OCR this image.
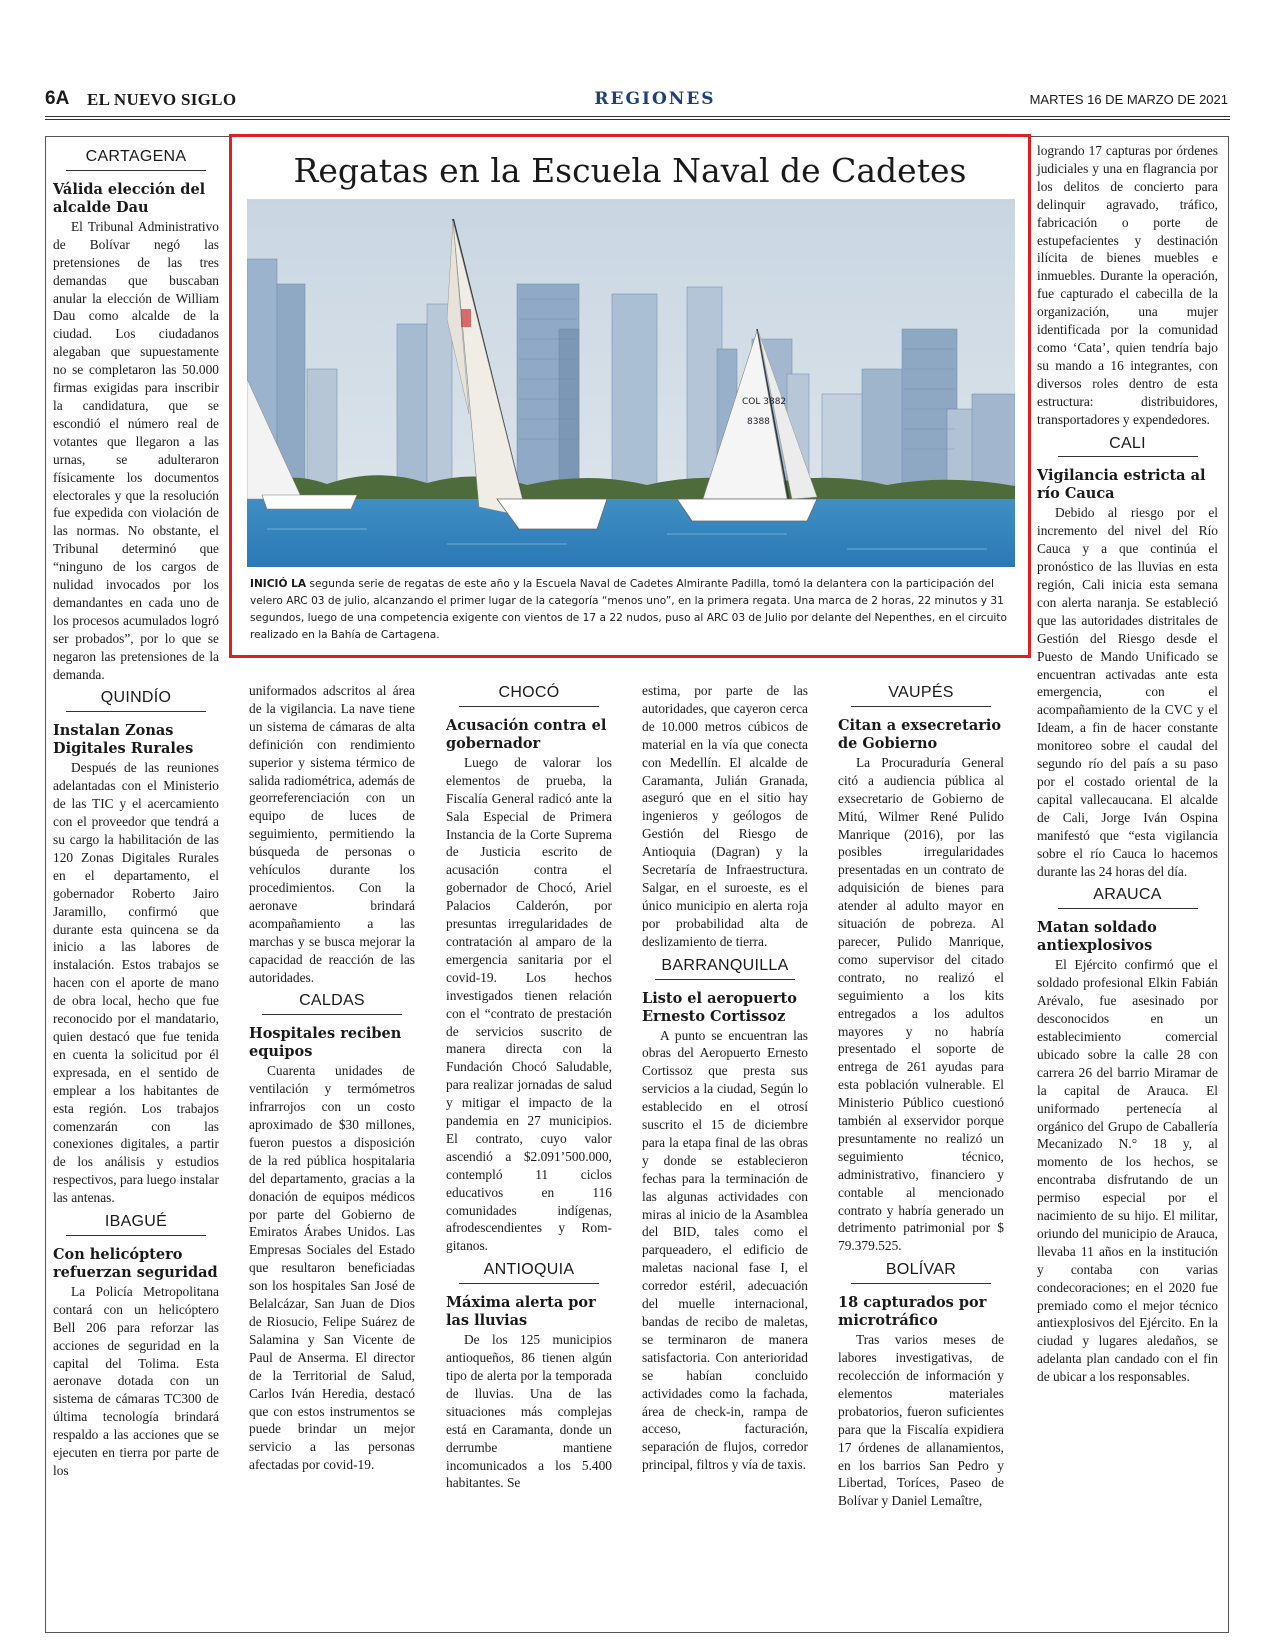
6A EL NUEVO SIGLO	REGIONES	MARTES 16 DE MARZO DE 2021
Regatas en la Escuela Naval de Cadetes
COL 3882
8388
INICIÓ LA segunda serie de regatas de este año y la Escuela Naval de Cadetes Almirante Padilla, tomó la delantera con la participación del velero ARC 03 de julio, alcanzando el primer lugar de la categoría “menos uno”, en la primera regata. Una marca de 2 horas, 22 minutos y 31 segundos, luego de una competencia exigente con vientos de 17 a 22 nudos, puso al ARC 03 de Julio por delante del Nepenthes, en el circuito realizado en la Bahía de Cartagena.
CARTAGENA
Válida elección del alcalde Dau

El Tribunal Administrativo de Bolívar negó las pretensiones de las tres demandas que buscaban anular la elección de William Dau como alcalde de la ciudad. Los ciudadanos alegaban que supuestamente no se completaron las 50.000 firmas exigidas para inscribir la candidatura, que se escondió el número real de votantes que llegaron a las urnas, se adulteraron físicamente los documentos electorales y que la resolución fue expedida con violación de las normas. No obstante, el Tribunal determinó que “ninguno de los cargos de nulidad invocados por los demandantes en cada uno de los procesos acumulados logró ser probados”, por lo que se negaron las pretensiones de la demanda.

QUINDÍO
Instalan Zonas Digitales Rurales

Después de las reuniones adelantadas con el Ministerio de las TIC y el acercamiento con el proveedor que tendrá a su cargo la habilitación de las 120 Zonas Digitales Rurales en el departamento, el gobernador Roberto Jairo Jaramillo, confirmó que durante esta quincena se da inicio a las labores de instalación. Estos trabajos se hacen con el aporte de mano de obra local, hecho que fue reconocido por el mandatario, quien destacó que fue tenida en cuenta la solicitud por él expresada, en el sentido de emplear a los habitantes de esta región. Los trabajos comenzarán con las conexiones digitales, a partir de los análisis y estudios respectivos, para luego instalar las antenas.

IBAGUÉ
Con helicóptero refuerzan seguridad

La Policía Metropolitana contará con un helicóptero Bell 206 para reforzar las acciones de seguridad en la capital del Tolima. Esta aeronave dotada con un sistema de cámaras TC300 de última tecnología brindará respaldo a las acciones que se ejecuten en tierra por parte de los

uniformados adscritos al área de la vigilancia. La nave tiene un sistema de cámaras de alta definición con rendimiento superior y sistema térmico de salida radiométrica, además de georreferenciación con un equipo de luces de seguimiento, permitiendo la búsqueda de personas o vehículos durante los procedimientos. Con la aeronave brindará acompañamiento a las marchas y se busca mejorar la capacidad de reacción de las autoridades.

CALDAS
Hospitales reciben equipos

Cuarenta unidades de ventilación y termómetros infrarrojos con un costo aproximado de $30 millones, fueron puestos a disposición de la red pública hospitalaria del departamento, gracias a la donación de equipos médicos por parte del Gobierno de Emiratos Árabes Unidos. Las Empresas Sociales del Estado que resultaron beneficiadas son los hospitales San José de Belalcázar, San Juan de Dios de Riosucio, Felipe Suárez de Salamina y San Vicente de Paul de Anserma. El director de la Territorial de Salud, Carlos Iván Heredia, destacó que con estos instrumentos se puede brindar un mejor servicio a las personas afectadas por covid-19.

CHOCÓ
Acusación contra el gobernador

Luego de valorar los elementos de prueba, la Fiscalía General radicó ante la Sala Especial de Primera Instancia de la Corte Suprema de Justicia escrito de acusación contra el gobernador de Chocó, Ariel Palacios Calderón, por presuntas irregularidades de contratación al amparo de la emergencia sanitaria por el covid-19. Los hechos investigados tienen relación con el “contrato de prestación de servicios suscrito de manera directa con la Fundación Chocó Saludable, para realizar jornadas de salud y mitigar el impacto de la pandemia en 27 municipios. El contrato, cuyo valor ascendió a $2.091’500.000, contempló 11 ciclos educativos en 116 comunidades indígenas, afrodescendientes y Rom-gitanos.

ANTIOQUIA
Máxima alerta por las lluvias

De los 125 municipios antioqueños, 86 tienen algún tipo de alerta por la temporada de lluvias. Una de las situaciones más complejas está en Caramanta, donde un derrumbe mantiene incomunicados a los 5.400 habitantes. Se

estima, por parte de las autoridades, que cayeron cerca de 10.000 metros cúbicos de material en la vía que conecta con Medellín. El alcalde de Caramanta, Julián Granada, aseguró que en el sitio hay ingenieros y geólogos de Gestión del Riesgo de Antioquia (Dagran) y la Secretaría de Infraestructura. Salgar, en el suroeste, es el único municipio en alerta roja por probabilidad alta de deslizamiento de tierra.

BARRANQUILLA
Listo el aeropuerto Ernesto Cortissoz

A punto se encuentran las obras del Aeropuerto Ernesto Cortissoz que presta sus servicios a la ciudad, Según lo establecido en el otrosí suscrito el 15 de diciembre para la etapa final de las obras y donde se establecieron fechas para la terminación de las algunas actividades con miras al inicio de la Asamblea del BID, tales como el parqueadero, el edificio de maletas nacional fase I, el corredor estéril, adecuación del muelle internacional, bandas de recibo de maletas, se terminaron de manera satisfactoria. Con anterioridad se habían concluido actividades como la fachada, área de check-in, rampa de acceso, facturación, separación de flujos, corredor principal, filtros y vía de taxis.

VAUPÉS
Citan a exsecretario de Gobierno

La Procuraduría General citó a audiencia pública al exsecretario de Gobierno de Mitú, Wilmer René Pulido Manrique (2016), por las posibles irregularidades presentadas en un contrato de adquisición de bienes para atender al adulto mayor en situación de pobreza. Al parecer, Pulido Manrique, como supervisor del citado contrato, no realizó el seguimiento a los kits entregados a los adultos mayores y no habría presentado el soporte de entrega de 261 ayudas para esta población vulnerable. El Ministerio Público cuestionó también al exservidor porque presuntamente no realizó un seguimiento técnico, administrativo, financiero y contable al mencionado contrato y habría generado un detrimento patrimonial por $ 79.379.525.

BOLÍVAR
18 capturados por microtráfico

Tras varios meses de labores investigativas, de recolección de información y elementos materiales probatorios, fueron suficientes para que la Fiscalía expidiera 17 órdenes de allanamientos, en los barrios San Pedro y Libertad, Toríces, Paseo de Bolívar y Daniel Lemaître,

logrando 17 capturas por órdenes judiciales y una en flagrancia por los delitos de concierto para delinquir agravado, tráfico, fabricación o porte de estupefacientes y destinación ilícita de bienes muebles e inmuebles. Durante la operación, fue capturado el cabecilla de la organización, una mujer identificada por la comunidad como ‘Cata’, quien tendría bajo su mando a 16 integrantes, con diversos roles dentro de esta estructura: distribuidores, transportadores y expendedores.

CALI
Vigilancia estricta al río Cauca

Debido al riesgo por el incremento del nivel del Río Cauca y a que continúa el pronóstico de las lluvias en esta región, Cali inicia esta semana con alerta naranja. Se estableció que las autoridades distritales de Gestión del Riesgo desde el Puesto de Mando Unificado se encuentran activadas ante esta emergencia, con el acompañamiento de la CVC y el Ideam, a fin de hacer constante monitoreo sobre el caudal del segundo río del país a su paso por el costado oriental de la capital vallecaucana. El alcalde de Cali, Jorge Iván Ospina manifestó que “esta vigilancia sobre el río Cauca lo hacemos durante las 24 horas del día.

ARAUCA
Matan soldado antiexplosivos

El Ejército confirmó que el soldado profesional Elkin Fabián Arévalo, fue asesinado por desconocidos en un establecimiento comercial ubicado sobre la calle 28 con carrera 26 del barrio Miramar de la capital de Arauca. El uniformado pertenecía al orgánico del Grupo de Caballería Mecanizado N.° 18 y, al momento de los hechos, se encontraba disfrutando de un permiso especial por el nacimiento de su hijo. El militar, oriundo del municipio de Arauca, llevaba 11 años en la institución y contaba con varias condecoraciones; en el 2020 fue premiado como el mejor técnico antiexplosivos del Ejército. En la ciudad y lugares aledaños, se adelanta plan candado con el fin de ubicar a los responsables.
